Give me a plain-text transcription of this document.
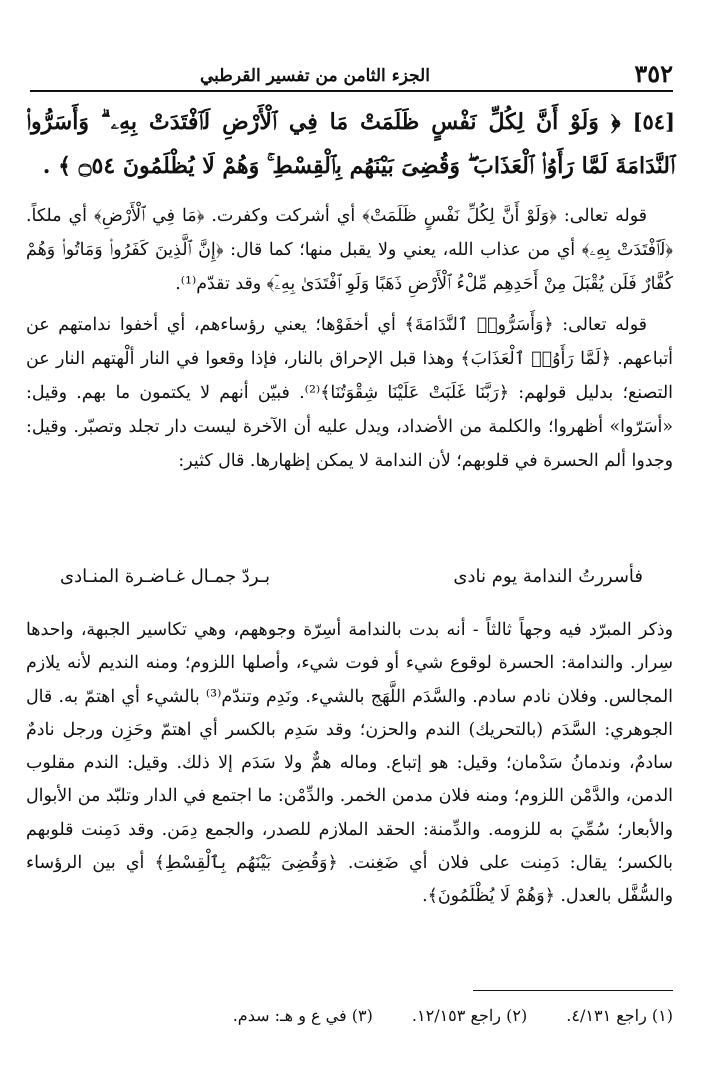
٣٥٢
الجزء الثامن من تفسير القرطبي
[٥٤] ﴿ وَلَوْ أَنَّ لِكُلِّ نَفْسٍ ظَلَمَتْ مَا فِي ٱلْأَرْضِ لَٱفْتَدَتْ بِهِۦ ۗ وَأَسَرُّوا۟ ٱلنَّدَامَةَ لَمَّا رَأَوُا۟ ٱلْعَذَابَ ۖ وَقُضِىَ بَيْنَهُم بِٱلْقِسْطِ ۚ وَهُمْ لَا يُظْلَمُونَ ۝٥٤ ﴾ .

قوله تعالى: ﴿وَلَوْ أَنَّ لِكُلِّ نَفْسٍ ظَلَمَتْ﴾ أي أشركت وكفرت. ﴿مَا فِي ٱلْأَرْضِ﴾ أي ملكاً. ﴿لَٱفْتَدَتْ بِهِۦ﴾ أي من عذاب الله، يعني ولا يقبل منها؛ كما قال: ﴿إِنَّ ٱلَّذِينَ كَفَرُوا۟ وَمَاتُوا۟ وَهُمْ كُفَّارٌ فَلَن يُقْبَلَ مِنْ أَحَدِهِم مِّلْءُ ٱلْأَرْضِ ذَهَبًا وَلَوِ ٱفْتَدَىٰ بِهِۦٓ﴾ وقد تقدّم⁽¹⁾.

قوله تعالى: ﴿وَأَسَرُّوا۟ ٱلنَّدَامَةَ﴾ أي أخفَوْها؛ يعني رؤساءهم، أي أخفوا ندامتهم عن أتباعهم. ﴿لَمَّا رَأَوُا۟ ٱلْعَذَابَ﴾ وهذا قبل الإحراق بالنار، فإذا وقعوا في النار ألْهتهم النار عن التصنع؛ بدليل قولهم: ﴿رَبَّنَا غَلَبَتْ عَلَيْنَا شِقْوَتُنَا﴾⁽²⁾. فبيّن أنهم لا يكتمون ما بهم. وقيل: «أسَرّوا» أظهروا؛ والكلمة من الأضداد، ويدل عليه أن الآخرة ليست دار تجلد وتصبّر. وقيل: وجدوا ألم الحسرة في قلوبهم؛ لأن الندامة لا يمكن إظهارها. قال كثير:

فأسررتُ الندامة يوم نادى
بـردّ جمـال غـاضـرة المنـادى
وذكر المبرّد فيه وجهاً ثالثاً - أنه بدت بالندامة أسِرّة وجوههم، وهي تكاسير الجبهة، واحدها سِرار. والندامة: الحسرة لوقوع شيء أو فوت شيء، وأصلها اللزوم؛ ومنه النديم لأنه يلازم المجالس. وفلان نادم سادم. والسَّدَم اللَّهَج بالشيء. ونَدِم وتندّم⁽³⁾ بالشيء أي اهتمّ به. قال الجوهري: السَّدَم (بالتحريك) الندم والحزن؛ وقد سَدِم بالكسر أي اهتمّ وحَزِن ورجل نادمٌ سادمٌ، وندمانُ سَدْمان؛ وقيل: هو إتباع. وماله همٌّ ولا سَدَم إلا ذلك. وقيل: الندم مقلوب الدمن، والدَّمْن اللزوم؛ ومنه فلان مدمن الخمر. والدِّمْن: ما اجتمع في الدار وتلبّد من الأبوال والأبعار؛ سُمِّيَ به للزومه. والدِّمنة: الحقد الملازم للصدر، والجمع دِمَن. وقد دَمِنت قلوبهم بالكسر؛ يقال: دَمِنت على فلان أي ضَغِنت. ﴿وَقُضِىَ بَيْنَهُم بِٱلْقِسْطِ﴾ أي بين الرؤساء والسُّفَّل بالعدل. ﴿وَهُمْ لَا يُظْلَمُونَ﴾.
(١) راجع ٤/١٣١. (٢) راجع ١٢/١٥٣. (٣) في ع و هـ: سدم.
